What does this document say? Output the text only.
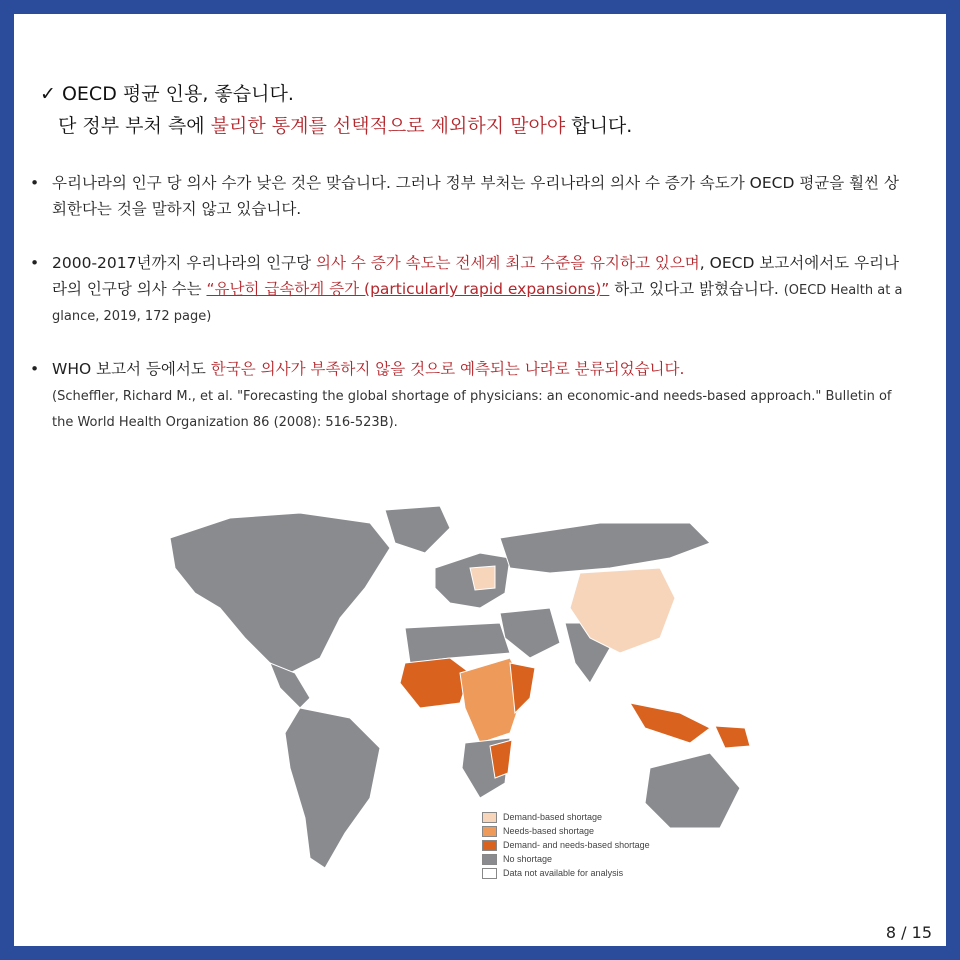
✓ OECD 평균 인용, 좋습니다.
단 정부 부처 측에 불리한 통계를 선택적으로 제외하지 말아야 합니다.
• 우리나라의 인구 당 의사 수가 낮은 것은 맞습니다. 그러나 정부 부처는 우리나라의 의사 수 증가 속도가 OECD 평균을 훨씬 상회한다는 것을 말하지 않고 있습니다.
• 2000-2017년까지 우리나라의 인구당 의사 수 증가 속도는 전세계 최고 수준을 유지하고 있으며, OECD 보고서에서도 우리나라의 인구당 의사 수는 “유난히 급속하게 증가 (particularly rapid expansions)” 하고 있다고 밝혔습니다. (OECD Health at a glance, 2019, 172 page)
• WHO 보고서 등에서도 한국은 의사가 부족하지 않을 것으로 예측되는 나라로 분류되었습니다.
(Scheffler, Richard M., et al. "Forecasting the global shortage of physicians: an economic-and needs-based approach." Bulletin of the World Health Organization 86 (2008): 516-523B).
Demand-based shortage
Needs-based shortage
Demand- and needs-based shortage
No shortage
Data not available for analysis
8 / 15
